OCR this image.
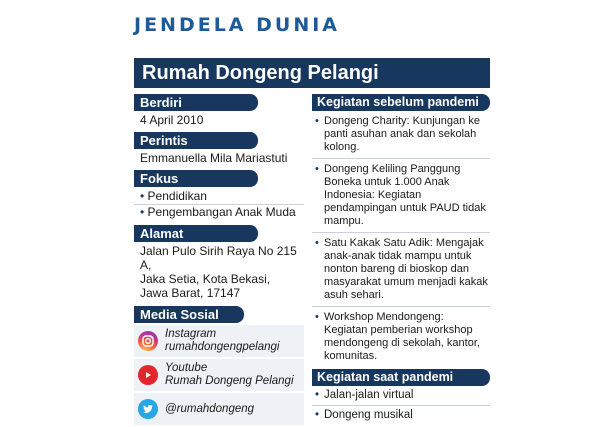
JENDELA DUNIA
Rumah Dongeng Pelangi
Berdiri
4 April 2010
Perintis
Emmanuella Mila Mariastuti
Fokus
• Pendidikan
• Pengembangan Anak Muda
Alamat
Jalan Pulo Sirih Raya No 215 A,
Jaka Setia, Kota Bekasi,
Jawa Barat, 17147
Media Sosial
Instagram
rumahdongengpelangi
Youtube
Rumah Dongeng Pelangi
@rumahdongeng
Kegiatan sebelum pandemi
• Dongeng Charity: Kunjungan ke panti asuhan anak dan sekolah kolong.
• Dongeng Keliling Panggung Boneka untuk 1.000 Anak Indonesia: Kegiatan pendampingan untuk PAUD tidak mampu.
• Satu Kakak Satu Adik: Mengajak anak-anak tidak mampu untuk nonton bareng di bioskop dan masyarakat umum menjadi kakak asuh sehari.
• Workshop Mendongeng: Kegiatan pemberian workshop mendongeng di sekolah, kantor, komunitas.
Kegiatan saat pandemi
• Jalan-jalan virtual
• Dongeng musikal
